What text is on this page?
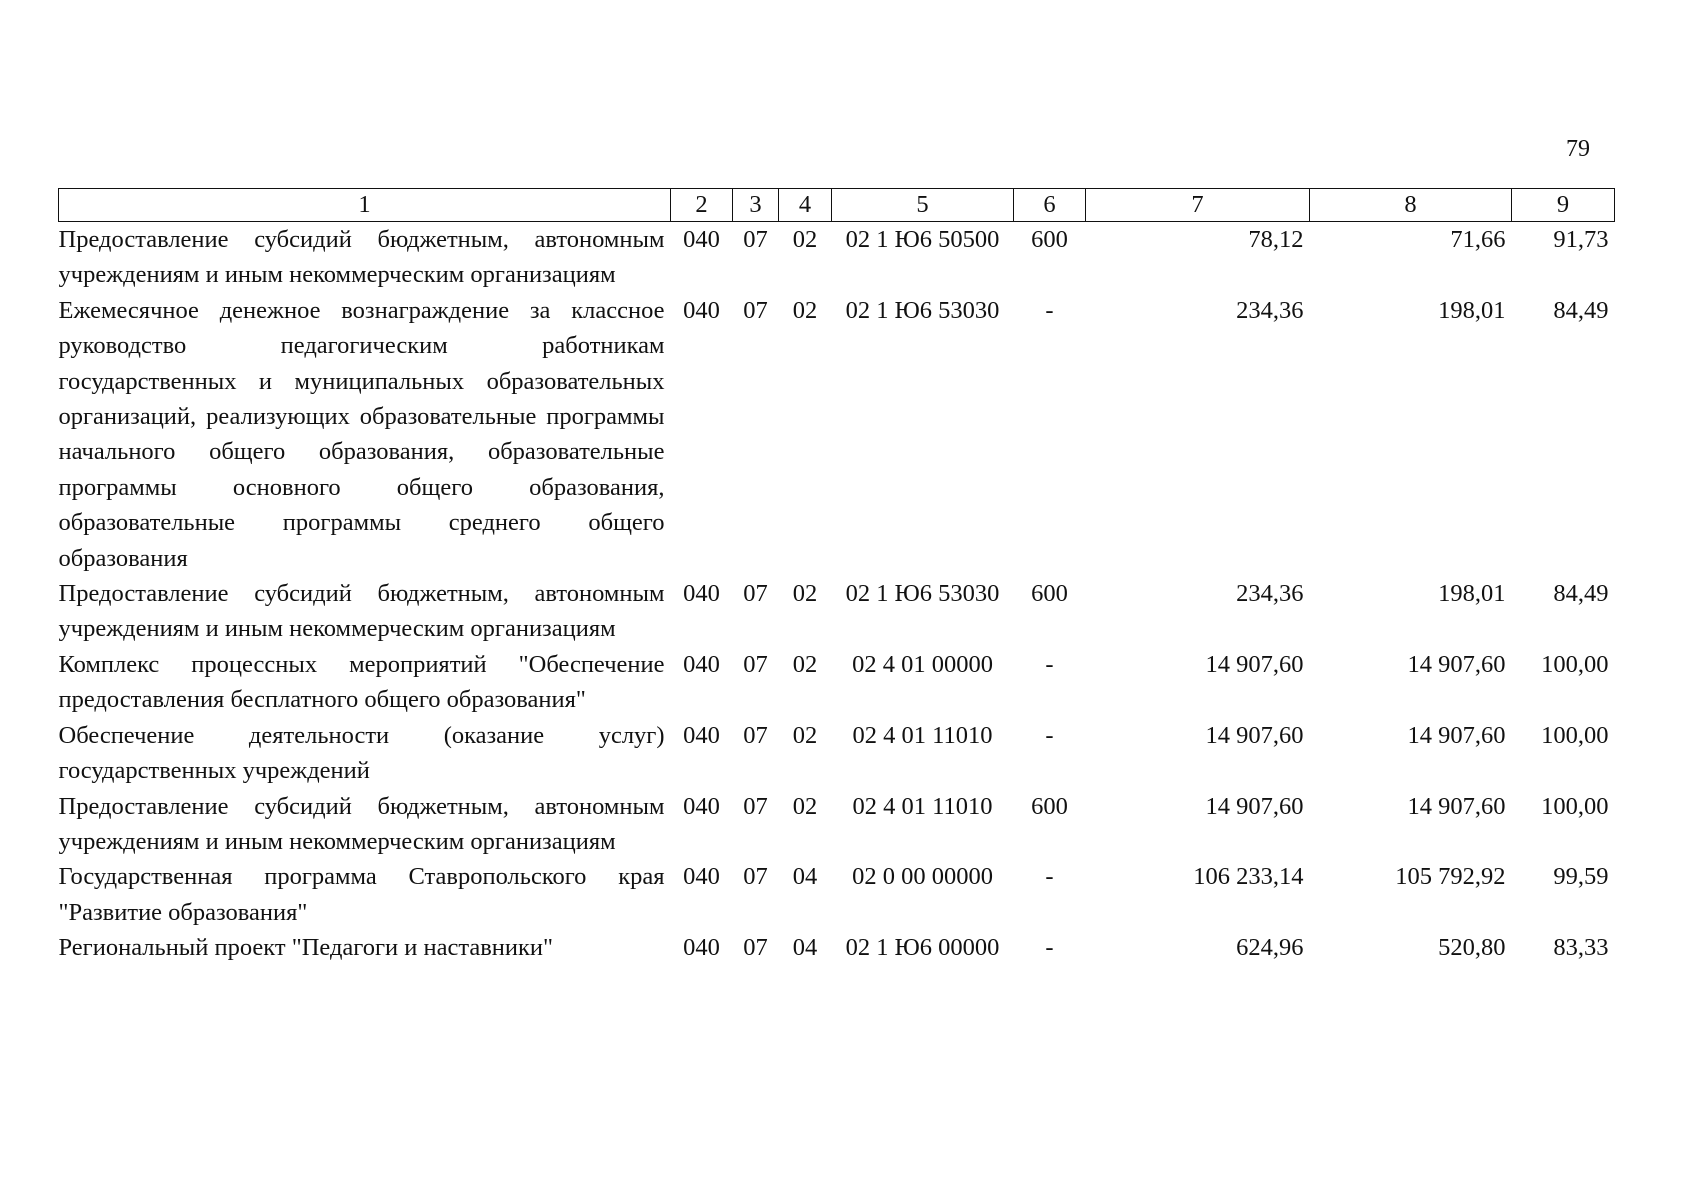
79
1	2	3	4	5	6	7	8	9
Предоставление субсидий бюджетным, автономным учреждениям и иным некоммерческим организациям	040	07	02	02 1 Ю6 50500	600	78,12	71,66	91,73
Ежемесячное денежное вознаграждение за классное руководство педагогическим работникам государственных и муниципальных образовательных организаций, реализующих образовательные программы начального общего образования, образовательные программы основного общего образования, образовательные программы среднего общего образования	040	07	02	02 1 Ю6 53030	-	234,36	198,01	84,49
Предоставление субсидий бюджетным, автономным учреждениям и иным некоммерческим организациям	040	07	02	02 1 Ю6 53030	600	234,36	198,01	84,49
Комплекс процессных мероприятий "Обеспечение предоставления бесплатного общего образования"	040	07	02	02 4 01 00000	-	14 907,60	14 907,60	100,00
Обеспечение деятельности (оказание услуг) государственных учреждений	040	07	02	02 4 01 11010	-	14 907,60	14 907,60	100,00
Предоставление субсидий бюджетным, автономным учреждениям и иным некоммерческим организациям	040	07	02	02 4 01 11010	600	14 907,60	14 907,60	100,00
Государственная программа Ставропольского края "Развитие образования"	040	07	04	02 0 00 00000	-	106 233,14	105 792,92	99,59
Региональный проект "Педагоги и наставники"	040	07	04	02 1 Ю6 00000	-	624,96	520,80	83,33
